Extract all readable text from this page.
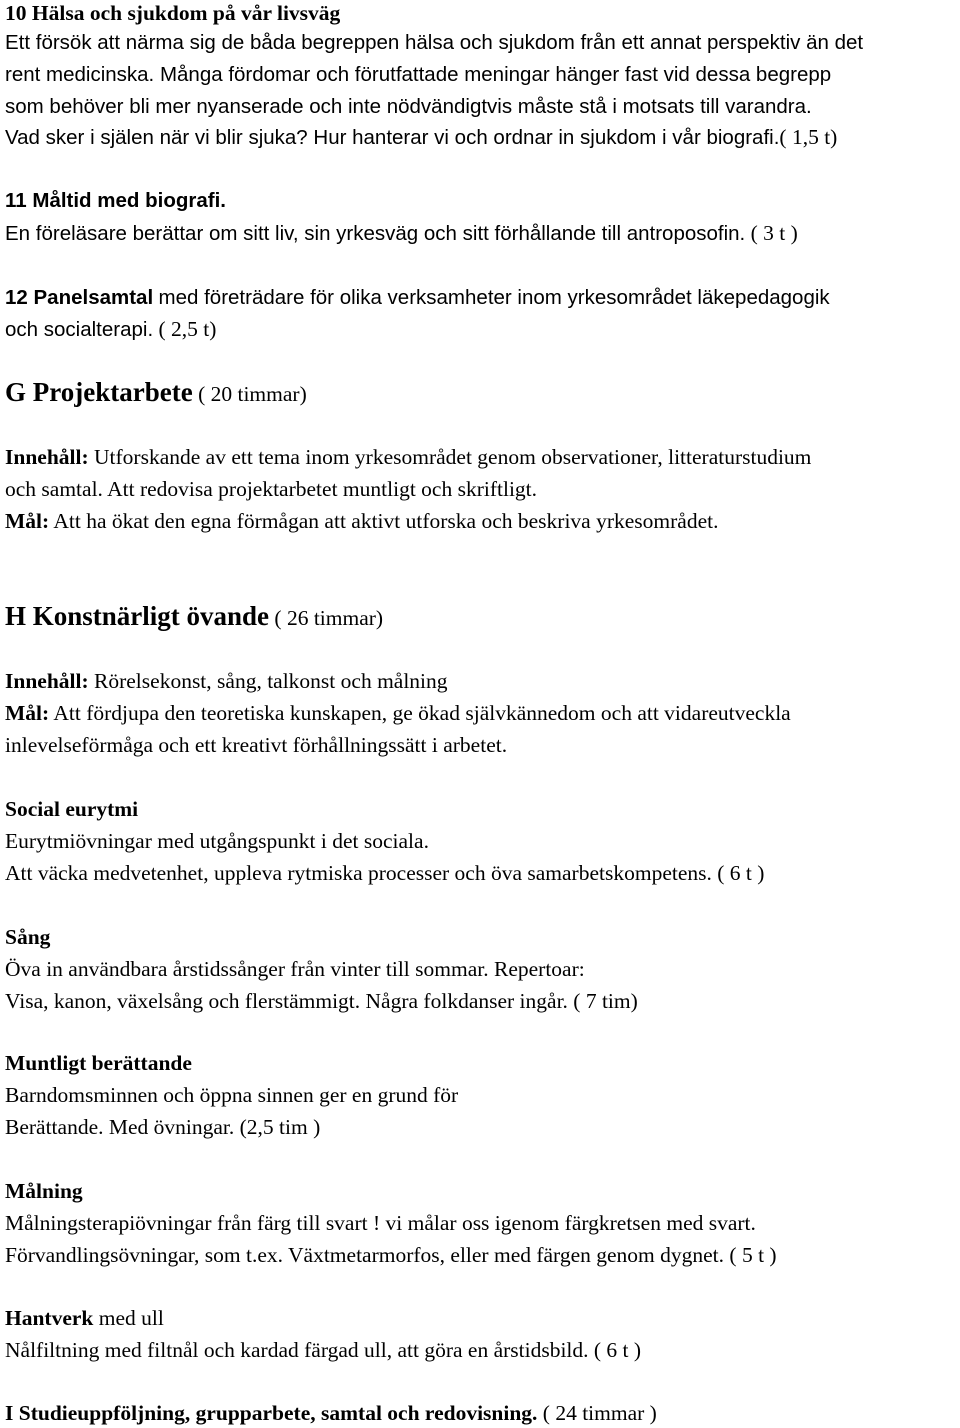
10 Hälsa och sjukdom på vår livsväg
Ett försök att närma sig de båda begreppen hälsa och sjukdom från ett annat perspektiv än det
rent medicinska. Många fördomar och förutfattade meningar hänger fast vid dessa begrepp
som behöver bli mer nyanserade och inte nödvändigtvis måste stå i motsats till varandra.
Vad sker i själen när vi blir sjuka? Hur hanterar vi och ordnar in sjukdom i vår biografi.( 1,5 t)
11 Måltid med biografi.
En föreläsare berättar om sitt liv, sin yrkesväg och sitt förhållande till antroposofin. ( 3 t )
12 Panelsamtal med företrädare för olika verksamheter inom yrkesområdet läkepedagogik
och socialterapi. ( 2,5 t)
G Projektarbete ( 20 timmar)
Innehåll: Utforskande av ett tema inom yrkesområdet genom observationer, litteraturstudium
och samtal. Att redovisa projektarbetet muntligt och skriftligt.
Mål: Att ha ökat den egna förmågan att aktivt utforska och beskriva yrkesområdet.
H Konstnärligt övande ( 26 timmar)
Innehåll: Rörelsekonst, sång, talkonst och målning
Mål: Att fördjupa den teoretiska kunskapen, ge ökad självkännedom och att vidareutveckla
inlevelseförmåga och ett kreativt förhållningssätt i arbetet.
Social eurytmi
Eurytmiövningar med utgångspunkt i det sociala.
Att väcka medvetenhet, uppleva rytmiska processer och öva samarbetskompetens. ( 6 t )
Sång
Öva in användbara årstidssånger från vinter till sommar. Repertoar:
Visa, kanon, växelsång och flerstämmigt. Några folkdanser ingår. ( 7 tim)
Muntligt berättande
Barndomsminnen och öppna sinnen ger en grund för
Berättande. Med övningar. (2,5 tim )
Målning
Målningsterapiövningar från färg till svart ! vi målar oss igenom färgkretsen med svart.
Förvandlingsövningar, som t.ex. Växtmetarmorfos, eller med färgen genom dygnet. ( 5 t )
Hantverk med ull
Nålfiltning med filtnål och kardad färgad ull, att göra en årstidsbild. ( 6 t )
I Studieuppföljning, grupparbete, samtal och redovisning. ( 24 timmar )
